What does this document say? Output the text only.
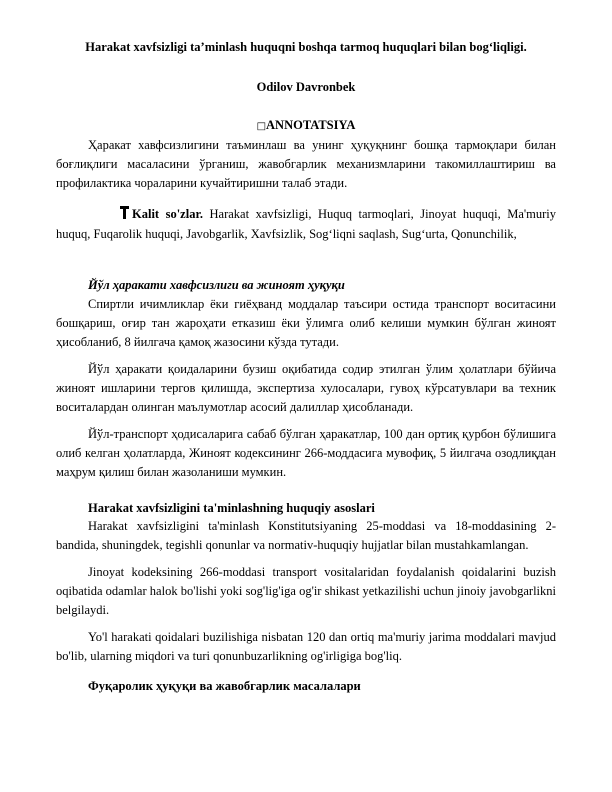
Harakat xavfsizligi ta’minlash huquqni boshqa tarmoq huquqlari bilan bog‘liqligi.
Odilov Davronbek
□ANNOTATSIYA

Ҳаракат хавфсизлигини таъминлаш ва унинг ҳуқуқнинг бошқа тармоқлари билан боғлиқлиги масаласини ўрганиш, жавобгарлик механизмларини такомиллаштириш ва профилактика чораларини кучайтиришни талаб этади.

Kalit so'zlar. Harakat xavfsizligi, Huquq tarmoqlari, Jinoyat huquqi, Ma'muriy huquq, Fuqarolik huquqi, Javobgarlik, Xavfsizlik, Sog‘liqni saqlash, Sug‘urta, Qonunchilik,

Йўл ҳаракати хавфсизлиги ва жиноят ҳуқуқи

Спиртли ичимликлар ёки гиёҳванд моддалар таъсири остида транспорт воситасини бошқариш, оғир тан жароҳати етказиш ёки ўлимга олиб келиши мумкин бўлган жиноят ҳисобланиб, 8 йилгача қамоқ жазосини кўзда тутади.

Йўл ҳаракати қоидаларини бузиш оқибатида содир этилган ўлим ҳолатлари бўйича жиноят ишларини тергов қилишда, экспертиза хулосалари, гувоҳ кўрсатувлари ва техник воситалардан олинган маълумотлар асосий далиллар ҳисобланади.

Йўл-транспорт ҳодисаларига сабаб бўлган ҳаракатлар, 100 дан ортиқ қурбон бўлишига олиб келган ҳолатларда, Жиноят кодексининг 266-моддасига мувофиқ, 5 йилгача озодлиқдан маҳрум қилиш билан жазоланиши мумкин.

Harakat xavfsizligini ta'minlashning huquqiy asoslari

Harakat xavfsizligini ta'minlash Konstitutsiyaning 25-moddasi va 18-moddasining 2-bandida, shuningdek, tegishli qonunlar va normativ-huquqiy hujjatlar bilan mustahkamlangan.

Jinoyat kodeksining 266-moddasi transport vositalaridan foydalanish qoidalarini buzish oqibatida odamlar halok bo'lishi yoki sog'lig'iga og'ir shikast yetkazilishi uchun jinoiy javobgarlikni belgilaydi.

Yo'l harakati qoidalari buzilishiga nisbatan 120 dan ortiq ma'muriy jarima moddalari mavjud bo'lib, ularning miqdori va turi qonunbuzarlikning og'irligiga bog'liq.

Фуқаролик ҳуқуқи ва жавобгарлик масалалари
